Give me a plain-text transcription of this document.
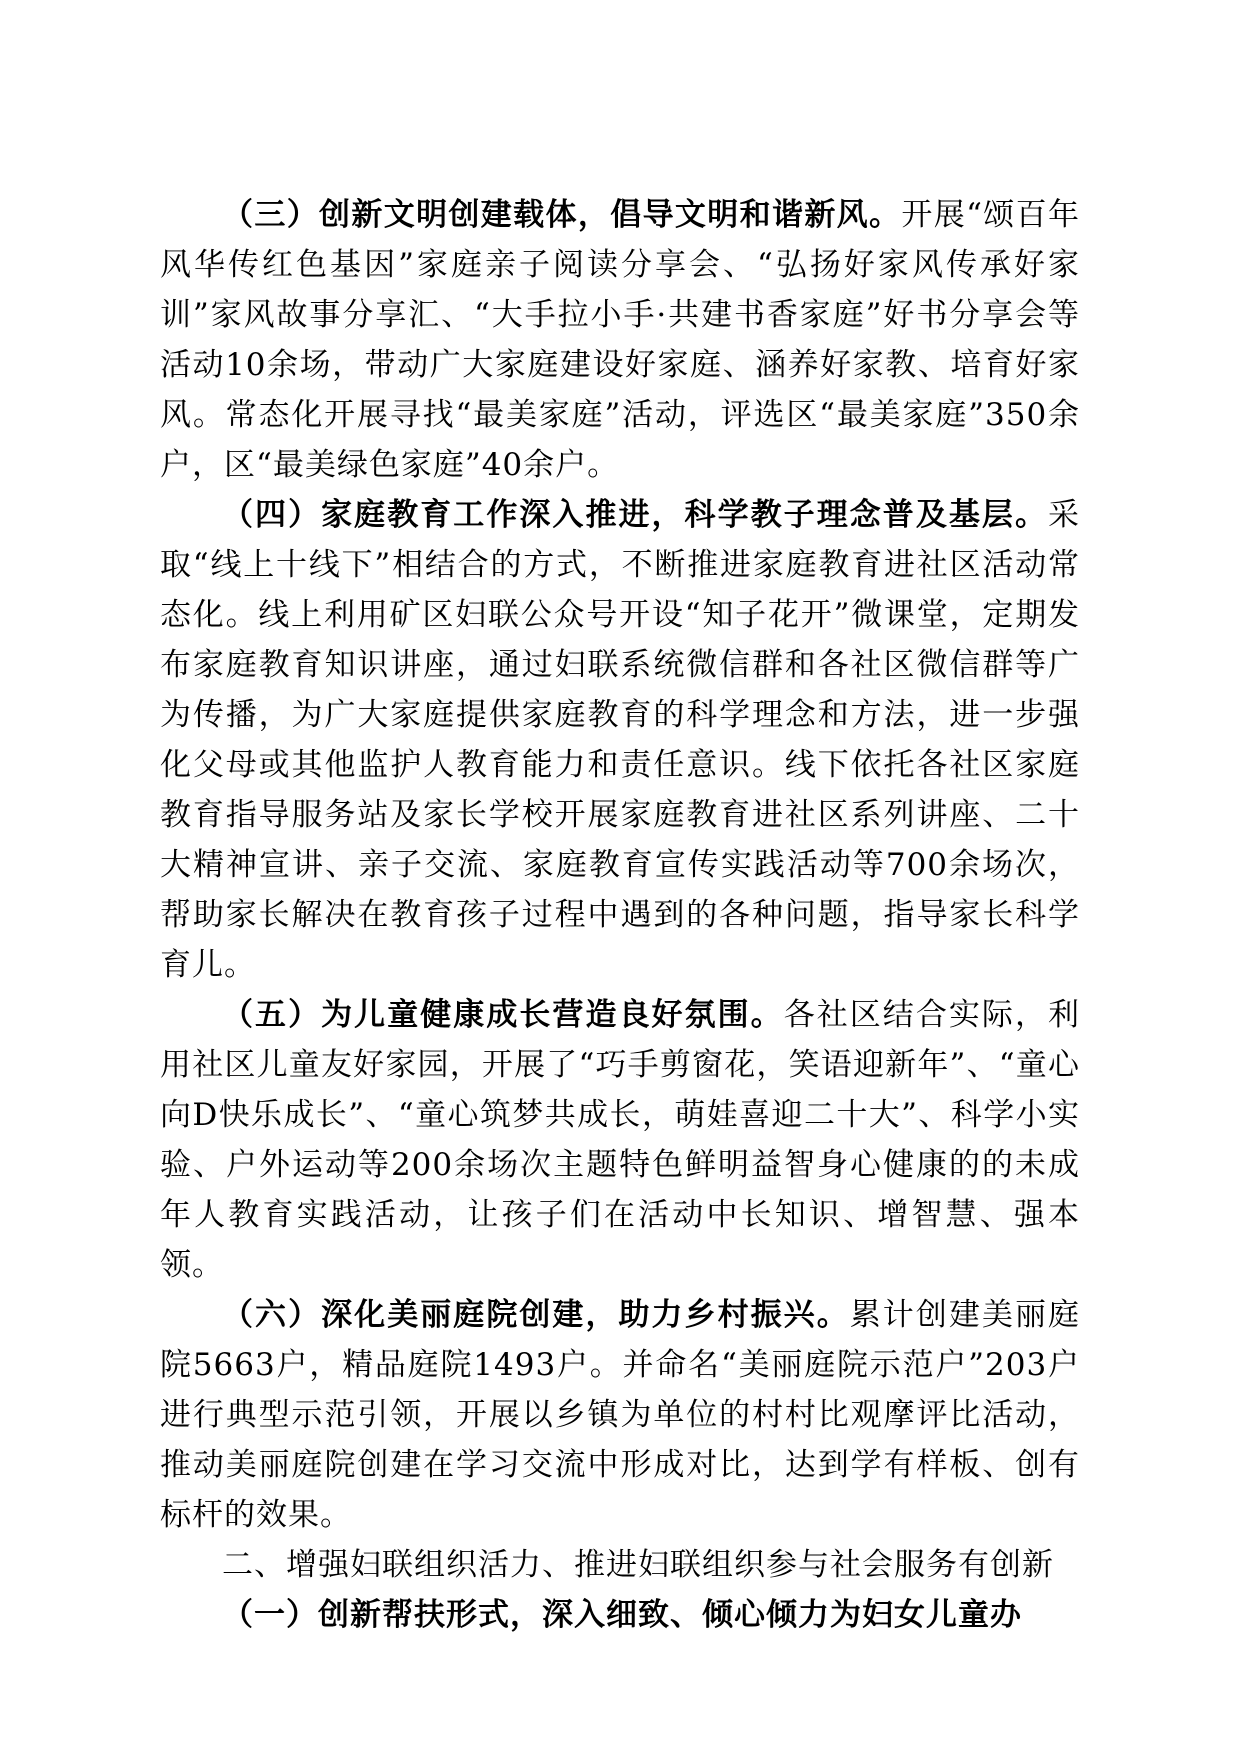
（三）创新文明创建载体，倡导文明和谐新风。开展“颂百年风华传红色基因”家庭亲子阅读分享会、“弘扬好家风传承好家训”家风故事分享汇、“大手拉小手·共建书香家庭”好书分享会等活动10余场，带动广大家庭建设好家庭、涵养好家教、培育好家风。常态化开展寻找“最美家庭”活动，评选区“最美家庭”350余户，区“最美绿色家庭”40余户。

（四）家庭教育工作深入推进，科学教子理念普及基层。采取“线上十线下”相结合的方式，不断推进家庭教育进社区活动常态化。线上利用矿区妇联公众号开设“知子花开”微课堂，定期发布家庭教育知识讲座，通过妇联系统微信群和各社区微信群等广为传播，为广大家庭提供家庭教育的科学理念和方法，进一步强化父母或其他监护人教育能力和责任意识。线下依托各社区家庭教育指导服务站及家长学校开展家庭教育进社区系列讲座、二十大精神宣讲、亲子交流、家庭教育宣传实践活动等700余场次，帮助家长解决在教育孩子过程中遇到的各种问题，指导家长科学育儿。

（五）为儿童健康成长营造良好氛围。各社区结合实际，利用社区儿童友好家园，开展了“巧手剪窗花，笑语迎新年”、“童心向D快乐成长”、“童心筑梦共成长，萌娃喜迎二十大”、科学小实验、户外运动等200余场次主题特色鲜明益智身心健康的的未成年人教育实践活动，让孩子们在活动中长知识、增智慧、强本领。

（六）深化美丽庭院创建，助力乡村振兴。累计创建美丽庭院5663户，精品庭院1493户。并命名“美丽庭院示范户”203户进行典型示范引领，开展以乡镇为单位的村村比观摩评比活动，推动美丽庭院创建在学习交流中形成对比，达到学有样板、创有标杆的效果。

二、增强妇联组织活力、推进妇联组织参与社会服务有创新

（一）创新帮扶形式，深入细致、倾心倾力为妇女儿童办
